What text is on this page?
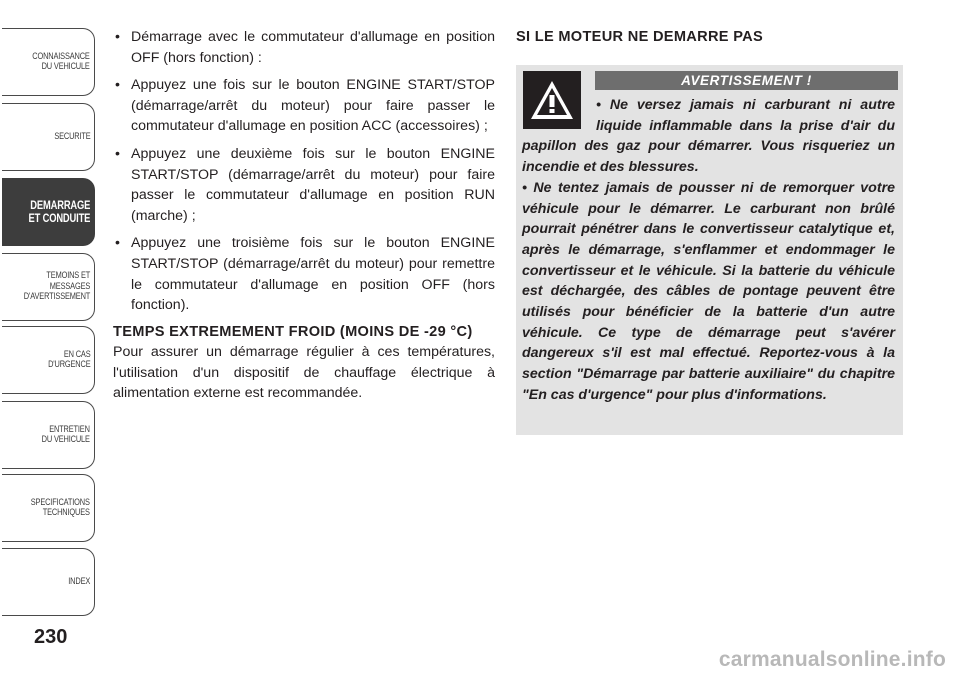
CONNAISSANCE
DU VEHICULE
SECURITE
DEMARRAGE
ET CONDUITE
TEMOINS ET
MESSAGES
D'AVERTISSEMENT
EN CAS
D'URGENCE
ENTRETIEN
DU VEHICULE
SPECIFICATIONS
TECHNIQUES
INDEX
230
carmanualsonline.info
• Démarrage avec le commutateur d'allumage en position OFF (hors fonction) :
• Appuyez une fois sur le bouton ENGINE START/STOP (démarrage/arrêt du moteur) pour faire passer le commutateur d'allumage en position ACC (accessoires) ;
• Appuyez une deuxième fois sur le bouton ENGINE START/STOP (démarrage/arrêt du moteur) pour faire passer le commutateur d'allumage en position RUN (marche) ;
• Appuyez une troisième fois sur le bouton ENGINE START/STOP (démarrage/arrêt du moteur) pour remettre le commutateur d'allumage en position OFF (hors fonction).
TEMPS EXTREMEMENT FROID (MOINS DE -29 °C)

Pour assurer un démarrage régulier à ces températures, l'utilisation d'un dispositif de chauffage électrique à alimentation externe est recommandée.

SI LE MOTEUR NE DEMARRE PAS
AVERTISSEMENT !

• Ne versez jamais ni carburant ni autre liquide inflammable dans la prise d'air du papillon des gaz pour démarrer. Vous risqueriez un incendie et des blessures.
• Ne tentez jamais de pousser ni de remorquer votre véhicule pour le démarrer. Le carburant non brûlé pourrait pénétrer dans le convertisseur catalytique et, après le démarrage, s'enflammer et endommager le convertisseur et le véhicule. Si la batterie du véhicule est déchargée, des câbles de pontage peuvent être utilisés pour bénéficier de la batterie d'un autre véhicule. Ce type de démarrage peut s'avérer dangereux s'il est mal effectué. Reportez-vous à la section "Démarrage par batterie auxiliaire" du chapitre "En cas d'urgence" pour plus d'informations.
